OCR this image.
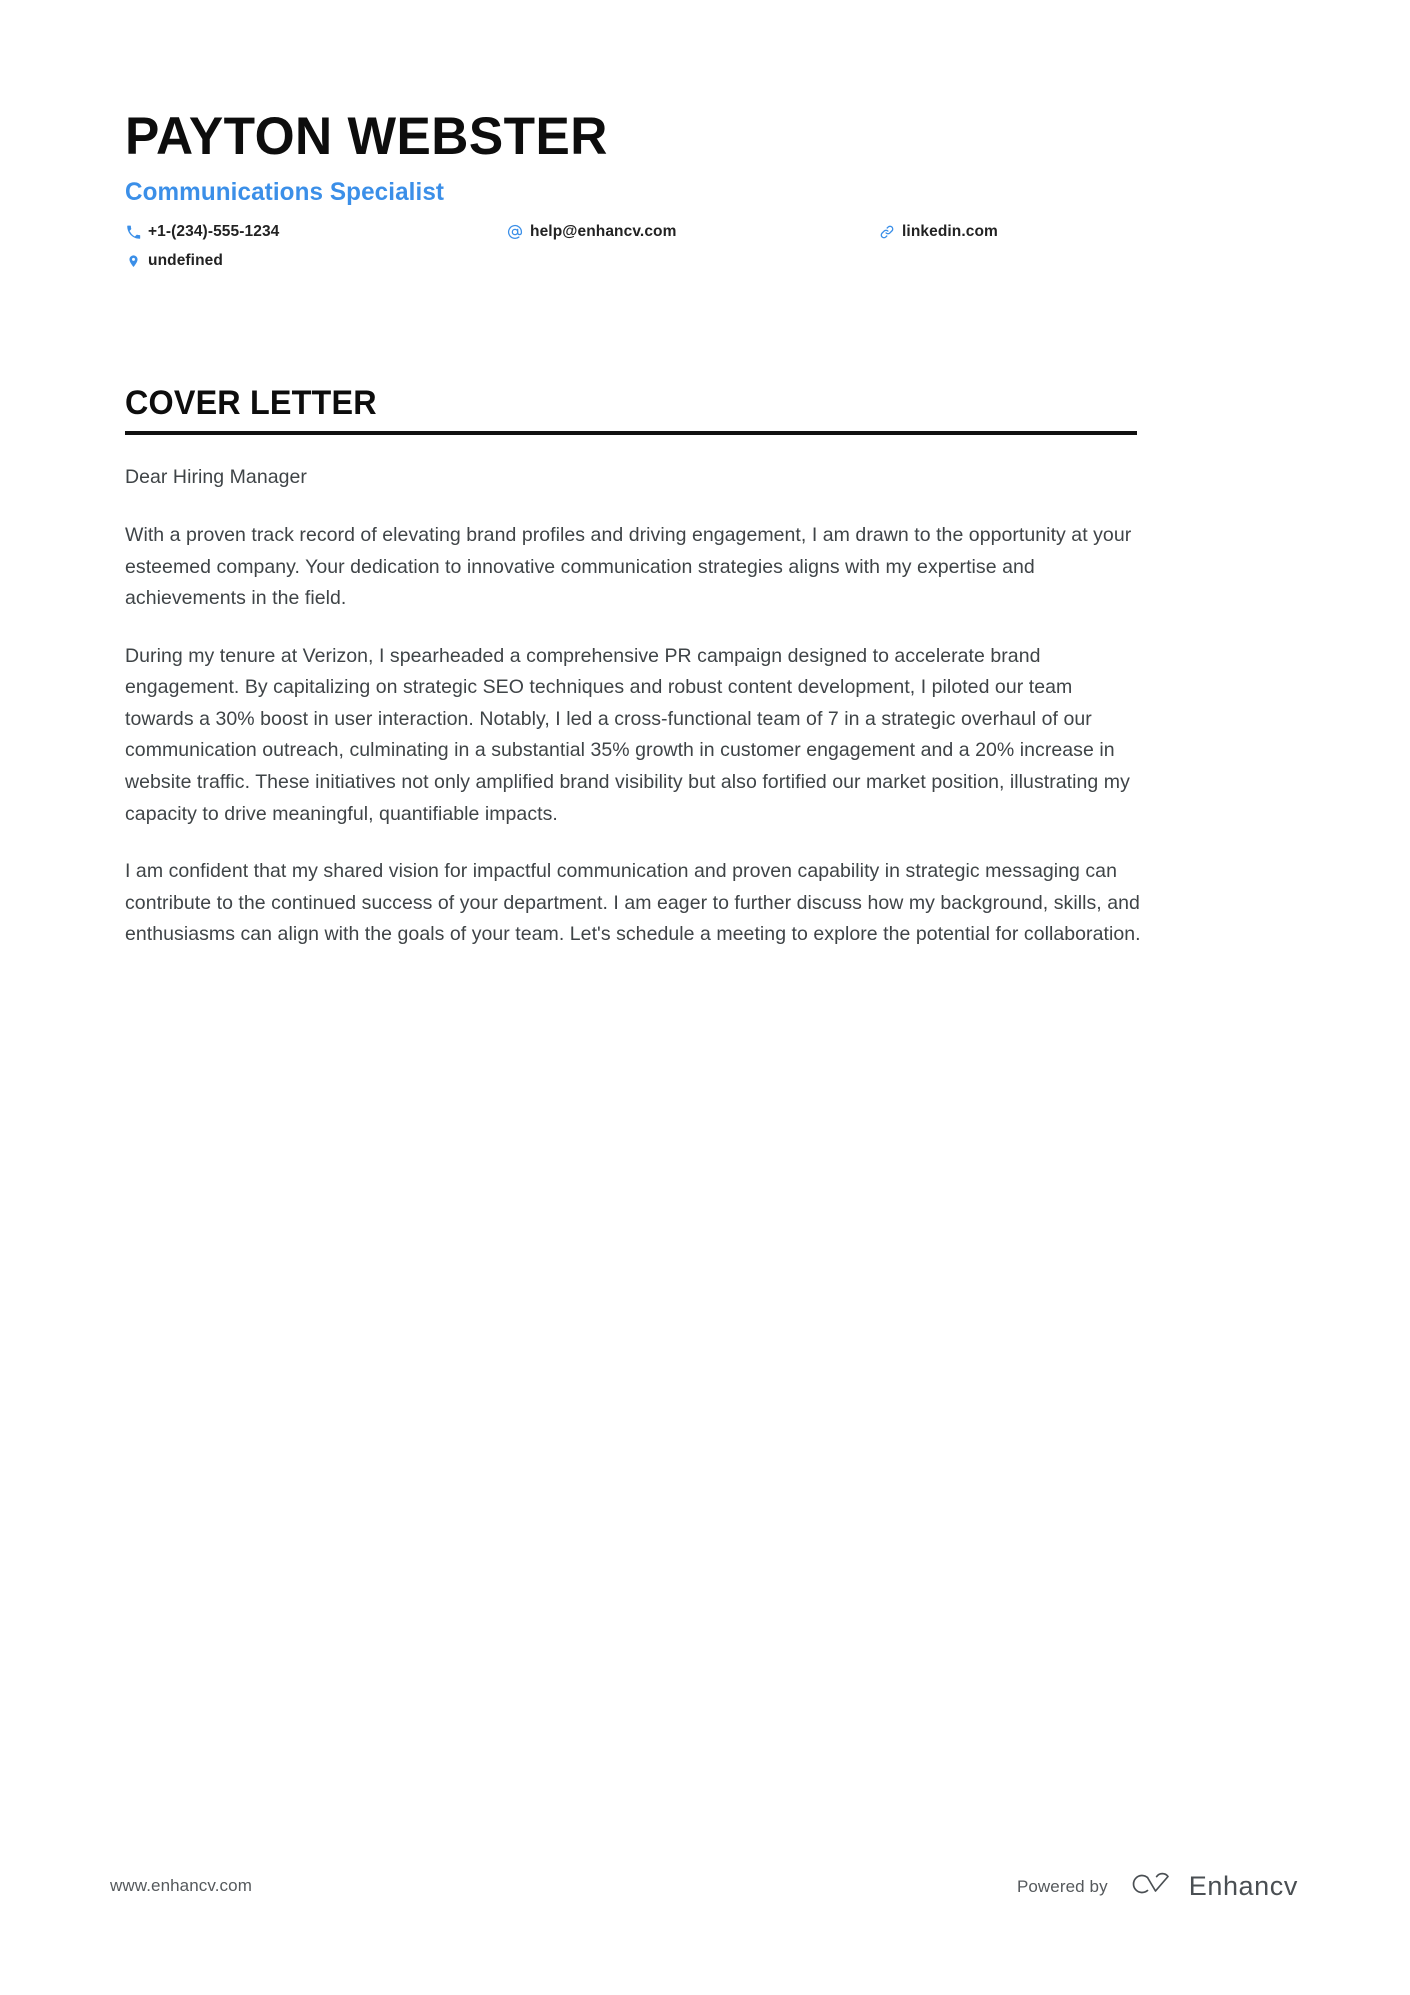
PAYTON WEBSTER
Communications Specialist
+1-(234)-555-1234	help@enhancv.com	linkedin.com
undefined
COVER LETTER

Dear Hiring Manager

With a proven track record of elevating brand profiles and driving engagement, I am drawn to the opportunity at your esteemed company. Your dedication to innovative communication strategies aligns with my expertise and achievements in the field.

During my tenure at Verizon, I spearheaded a comprehensive PR campaign designed to accelerate brand engagement. By capitalizing on strategic SEO techniques and robust content development, I piloted our team towards a 30% boost in user interaction. Notably, I led a cross-functional team of 7 in a strategic overhaul of our communication outreach, culminating in a substantial 35% growth in customer engagement and a 20% increase in website traffic. These initiatives not only amplified brand visibility but also fortified our market position, illustrating my capacity to drive meaningful, quantifiable impacts.

I am confident that my shared vision for impactful communication and proven capability in strategic messaging can contribute to the continued success of your department. I am eager to further discuss how my background, skills, and enthusiasms can align with the goals of your team. Let's schedule a meeting to explore the potential for collaboration.

www.enhancv.com	Powered by	Enhancv
